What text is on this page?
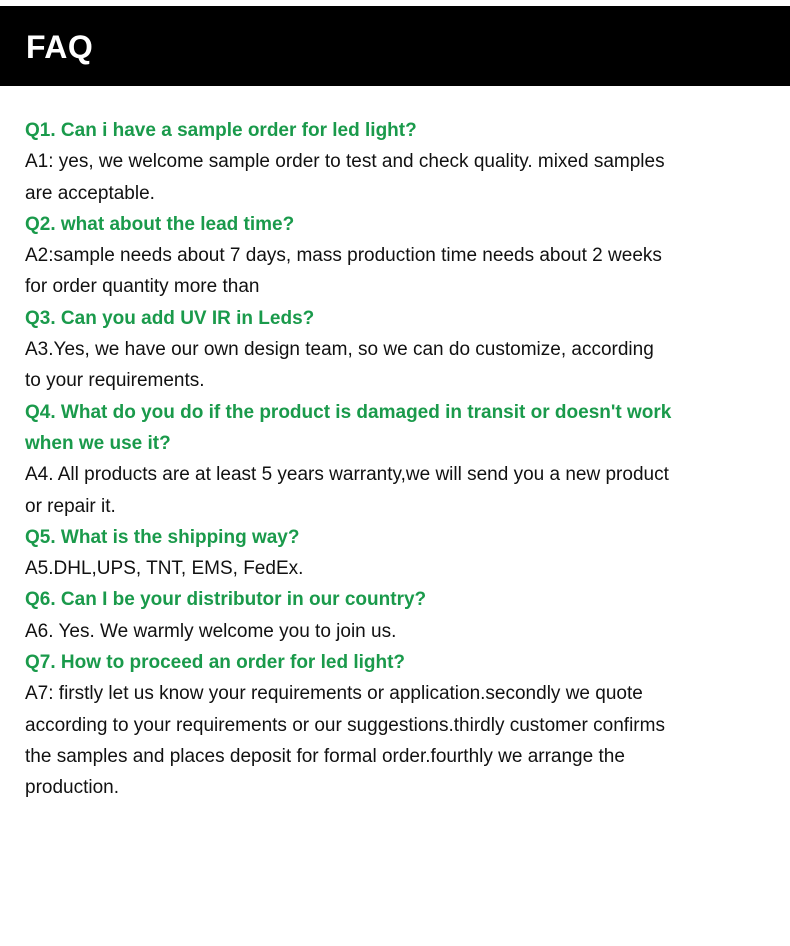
FAQ
Q1. Can i have a sample order for led light?
A1: yes, we welcome sample order to test and check quality. mixed samples
are acceptable.
Q2. what about the lead time?
A2:sample needs about 7 days, mass production time needs about 2 weeks
for order quantity more than
Q3. Can you add UV IR in Leds?
A3.Yes, we have our own design team, so we can do customize, according
to your requirements.
Q4. What do you do if the product is damaged in transit or doesn't work
when we use it?
A4. All products are at least 5 years warranty,we will send you a new product
or repair it.
Q5. What is the shipping way?
A5.DHL,UPS, TNT, EMS, FedEx.
Q6. Can I be your distributor in our country?
A6. Yes. We warmly welcome you to join us.
Q7. How to proceed an order for led light?
A7: firstly let us know your requirements or application.secondly we quote
according to your requirements or our suggestions.thirdly customer confirms
the samples and places deposit for formal order.fourthly we arrange the
production.
